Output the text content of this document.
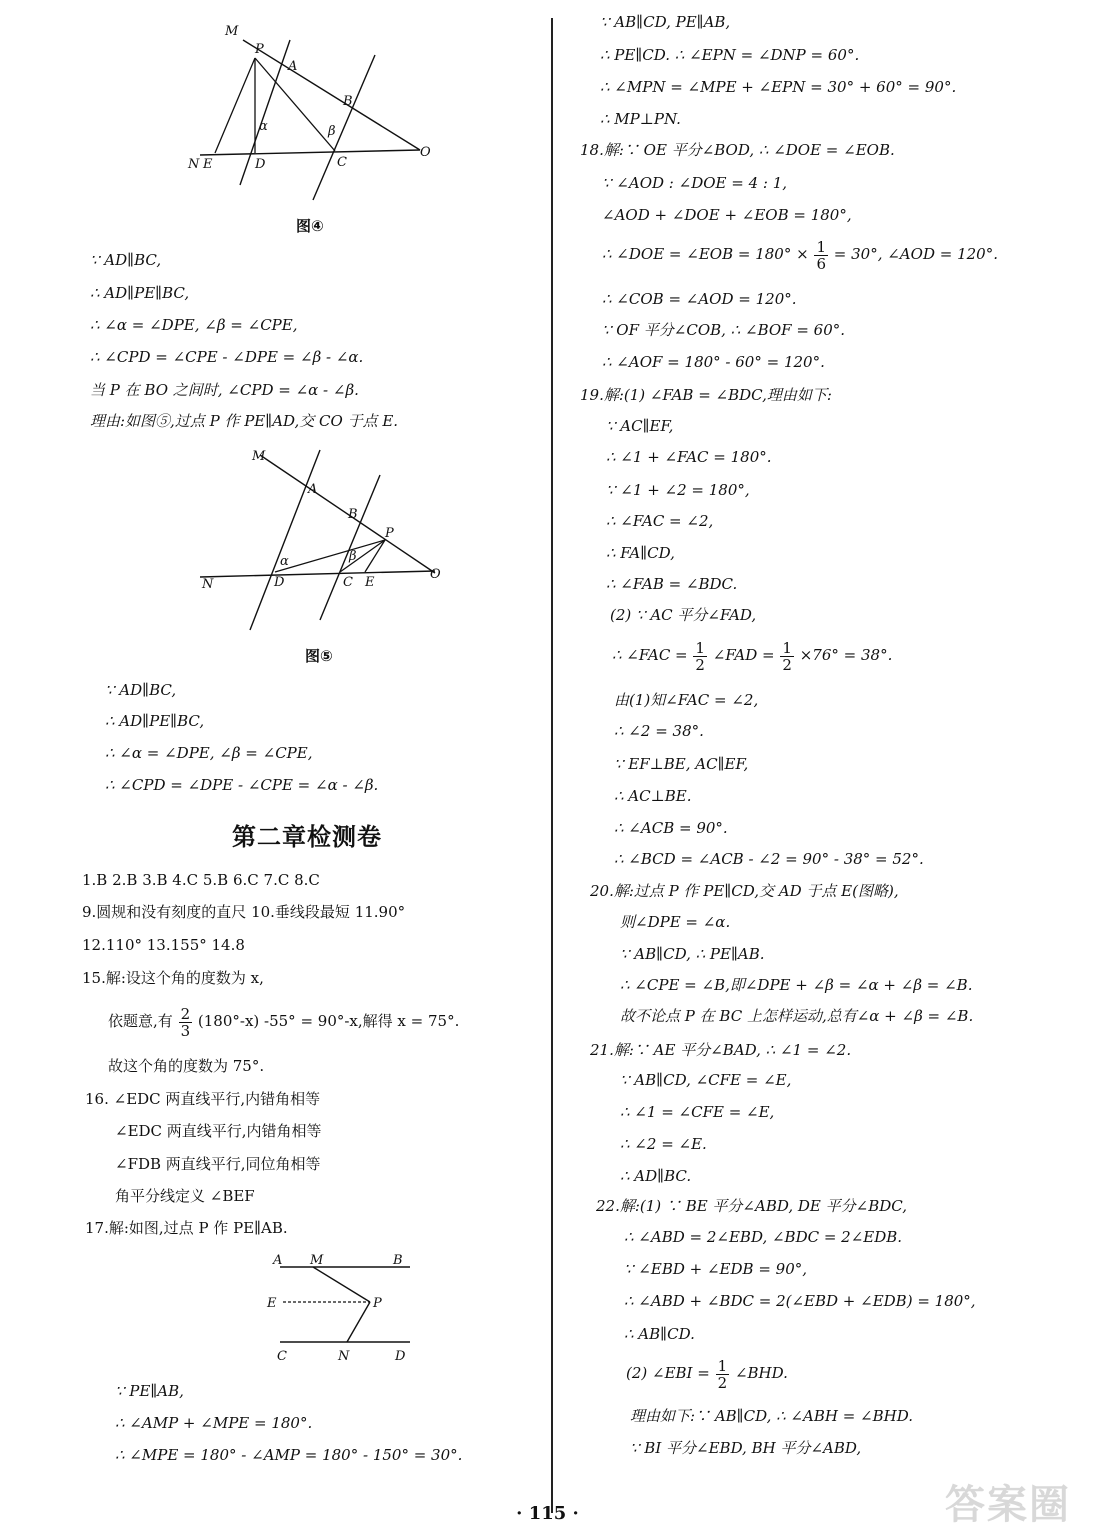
M
P
A
B
α	β
N E	D	C
O
图④
∵ AD∥BC,
∴ AD∥PE∥BC,
∴ ∠α = ∠DPE, ∠β = ∠CPE,
∴ ∠CPD = ∠CPE - ∠DPE = ∠β - ∠α.
当 P 在 BO 之间时, ∠CPD = ∠α - ∠β.
理由:如图⑤,过点 P 作 PE∥AD,交 CO 于点 E.
M
A
B
P
α	β
N	D	C E
O
图⑤
∵ AD∥BC,
∴ AD∥PE∥BC,
∴ ∠α = ∠DPE, ∠β = ∠CPE,
∴ ∠CPD = ∠DPE - ∠CPE = ∠α - ∠β.
第二章检测卷
1.B 2.B 3.B 4.C 5.B 6.C 7.C 8.C
9.圆规和没有刻度的直尺 10.垂线段最短 11.90°
12.110° 13.155° 14.8
15.解:设这个角的度数为 x,
依题意,有 $\frac{2}{3} (180^\circ-x) -55^\circ = 90^\circ-x$,解得 x = 75°.
故这个角的度数为 75°.
16. ∠EDC 两直线平行,内错角相等
∠EDC 两直线平行,内错角相等
∠FDB 两直线平行,同位角相等
角平分线定义 ∠BEF
17.解:如图,过点 P 作 PE∥AB.
A M	B
E	P
C	N	D
∵ PE∥AB,
∴ ∠AMP + ∠MPE = 180°.
∴ ∠MPE = 180° - ∠AMP = 180° - 150° = 30°.
∵ AB∥CD, PE∥AB,
∴ PE∥CD. ∴ ∠EPN = ∠DNP = 60°.
∴ ∠MPN = ∠MPE + ∠EPN = 30° + 60° = 90°.
∴ MP⊥PN.
18.解:∵ OE 平分∠BOD, ∴ ∠DOE = ∠EOB.
∵ ∠AOD : ∠DOE = 4 : 1,
∠AOD + ∠DOE + ∠EOB = 180°,
∴ ∠DOE = ∠EOB = $180^\circ \times \frac{1}{6} = 30^\circ$, ∠AOD = 120°.
∴ ∠COB = ∠AOD = 120°.
∵ OF 平分∠COB, ∴ ∠BOF = 60°.
∴ ∠AOF = 180° - 60° = 120°.
19.解:(1) ∠FAB = ∠BDC,理由如下:
∵ AC∥EF,
∴ ∠1 + ∠FAC = 180°.
∵ ∠1 + ∠2 = 180°,
∴ ∠FAC = ∠2,
∴ FA∥CD,
∴ ∠FAB = ∠BDC.
(2) ∵ AC 平分∠FAD,
∴ ∠FAC = $\frac{1}{2}$ ∠FAD = $\frac{1}{2} \times 76^\circ = 38^\circ$.
由(1)知∠FAC = ∠2,
∴ ∠2 = 38°.
∵ EF⊥BE, AC∥EF,
∴ AC⊥BE.
∴ ∠ACB = 90°.
∴ ∠BCD = ∠ACB - ∠2 = 90° - 38° = 52°.
20.解:过点 P 作 PE∥CD,交 AD 于点 E(图略),
则∠DPE = ∠α.
∵ AB∥CD, ∴ PE∥AB.
∴ ∠CPE = ∠B,即∠DPE + ∠β = ∠α + ∠β = ∠B.
故不论点 P 在 BC 上怎样运动,总有∠α + ∠β = ∠B.
21.解:∵ AE 平分∠BAD, ∴ ∠1 = ∠2.
∵ AB∥CD, ∠CFE = ∠E,
∴ ∠1 = ∠CFE = ∠E,
∴ ∠2 = ∠E.
∴ AD∥BC.
22.解:(1) ∵ BE 平分∠ABD, DE 平分∠BDC,
∴ ∠ABD = 2∠EBD, ∠BDC = 2∠EDB.
∵ ∠EBD + ∠EDB = 90°,
∴ ∠ABD + ∠BDC = 2(∠EBD + ∠EDB) = 180°,
∴ AB∥CD.
(2) ∠EBI = $\frac{1}{2}$ ∠BHD.
理由如下:∵ AB∥CD, ∴ ∠ABH = ∠BHD.
∵ BI 平分∠EBD, BH 平分∠ABD,
· 115 ·	答案圈
